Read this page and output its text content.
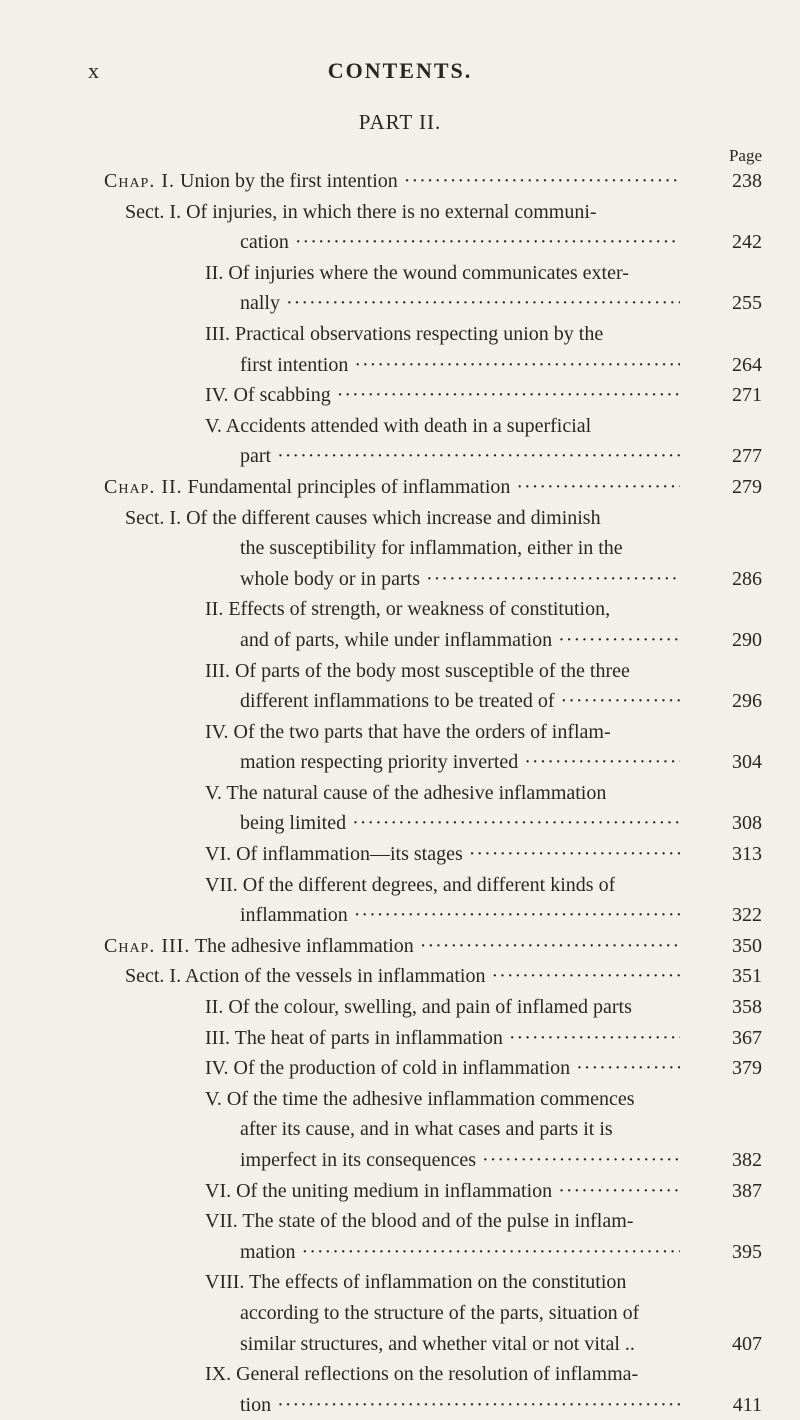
x	CONTENTS.
PART II.
Page
Chap. I. Union by the first intention ·····	238
Sect. I. Of injuries, in which there is no external communi-
cation ·····	242
II. Of injuries where the wound communicates exter-
nally ·····	255
III. Practical observations respecting union by the
first intention ·····	264
IV. Of scabbing ·····	271
V. Accidents attended with death in a superficial
part ·····	277
Chap. II. Fundamental principles of inflammation ·····	279
Sect. I. Of the different causes which increase and diminish
the susceptibility for inflammation, either in the
whole body or in parts ·····	286
II. Effects of strength, or weakness of constitution,
and of parts, while under inflammation ·····	290
III. Of parts of the body most susceptible of the three
different inflammations to be treated of ·····	296
IV. Of the two parts that have the orders of inflam-
mation respecting priority inverted ·····	304
V. The natural cause of the adhesive inflammation
being limited ·····	308
VI. Of inflammation—its stages ·····	313
VII. Of the different degrees, and different kinds of
inflammation ·····	322
Chap. III. The adhesive inflammation ·····	350
Sect. I. Action of the vessels in inflammation ·····	351
II. Of the colour, swelling, and pain of inflamed parts	358
III. The heat of parts in inflammation ·····	367
IV. Of the production of cold in inflammation ·····	379
V. Of the time the adhesive inflammation commences
after its cause, and in what cases and parts it is
imperfect in its consequences ·····	382
VI. Of the uniting medium in inflammation ·····	387
VII. The state of the blood and of the pulse in inflam-
mation ·····	395
VIII. The effects of inflammation on the constitution
according to the structure of the parts, situation of
similar structures, and whether vital or not vital ..	407
IX. General reflections on the resolution of inflamma-
tion ·····	411
